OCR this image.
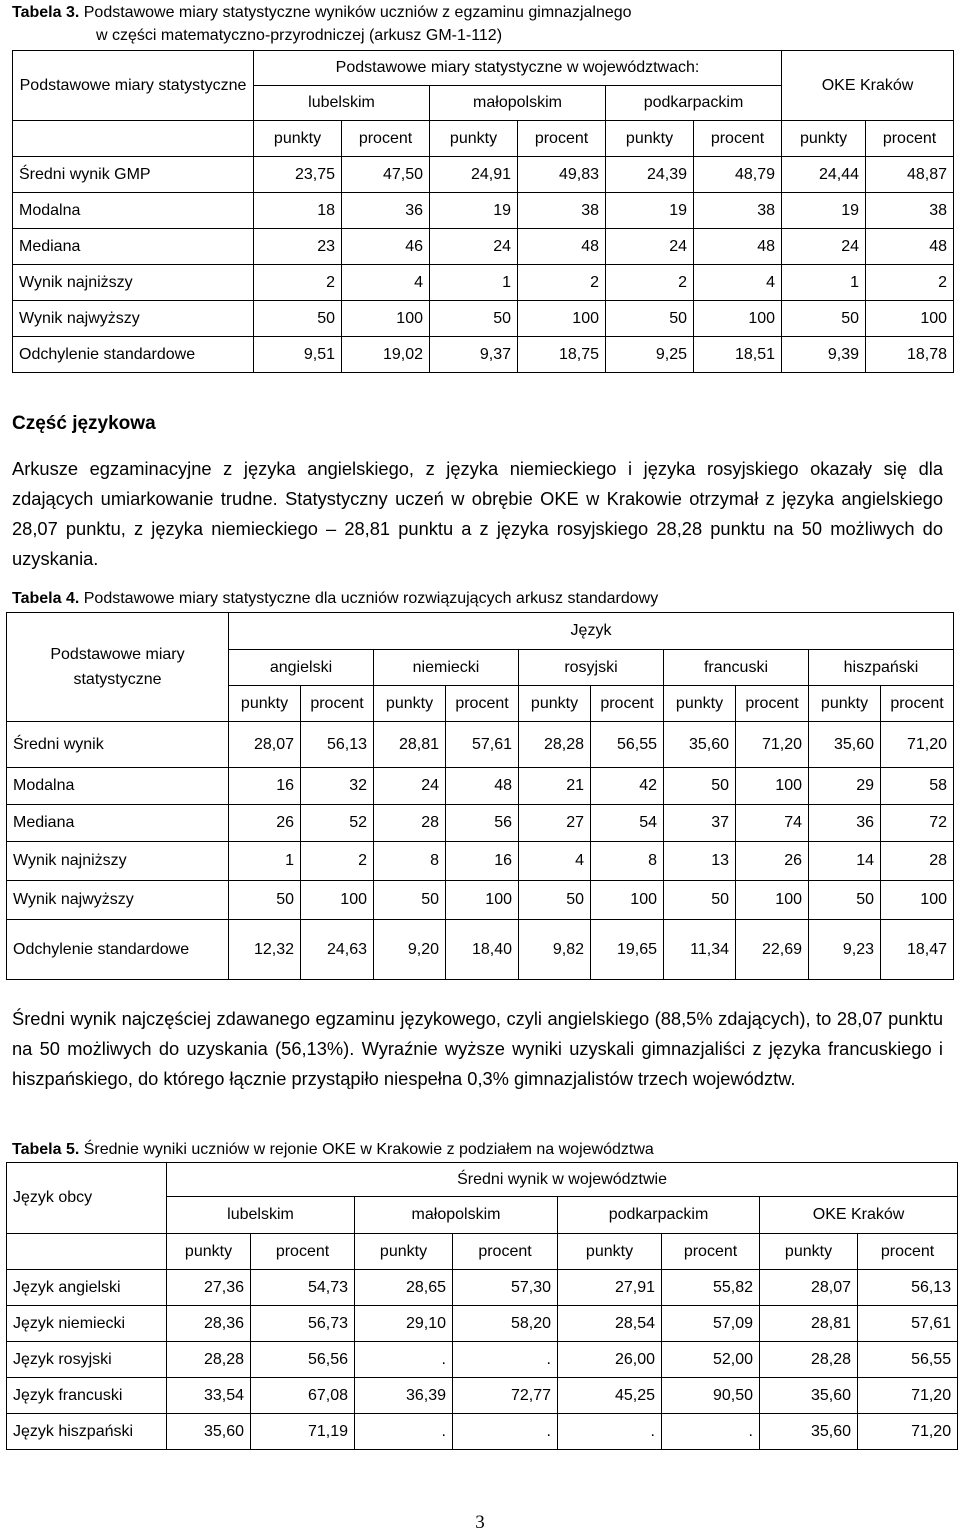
Tabela 3. Podstawowe miary statystyczne wyników uczniów z egzaminu gimnazjalnego
w części matematyczno-przyrodniczej (arkusz GM-1-112)
Podstawowe miary statystyczne	Podstawowe miary statystyczne w województwach:						OKE Kraków	
	lubelskim		małopolskim		podkarpackim			
	punkty	procent	punkty	procent	punkty	procent	punkty	procent
Średni wynik GMP	23,75	47,50	24,91	49,83	24,39	48,79	24,44	48,87
Modalna	18	36	19	38	19	38	19	38
Mediana	23	46	24	48	24	48	24	48
Wynik najniższy	2	4	1	2	2	4	1	2
Wynik najwyższy	50	100	50	100	50	100	50	100
Odchylenie standardowe	9,51	19,02	9,37	18,75	9,25	18,51	9,39	18,78
Część językowa
Arkusze egzaminacyjne z języka angielskiego, z języka niemieckiego i języka rosyjskiego okazały się dla zdających umiarkowanie trudne. Statystyczny uczeń w obrębie OKE w Krakowie otrzymał z języka angielskiego 28,07 punktu, z języka niemieckiego – 28,81 punktu a z języka rosyjskiego 28,28 punktu na 50 możliwych do uzyskania.
Tabela 4. Podstawowe miary statystyczne dla uczniów rozwiązujących arkusz standardowy
Podstawowe miary statystyczne	Język									
	angielski		niemiecki		rosyjski		francuski		hiszpański	
	punkty	procent	punkty	procent	punkty	procent	punkty	procent	punkty	procent
Średni wynik	28,07	56,13	28,81	57,61	28,28	56,55	35,60	71,20	35,60	71,20
Modalna	16	32	24	48	21	42	50	100	29	58
Mediana	26	52	28	56	27	54	37	74	36	72
Wynik najniższy	1	2	8	16	4	8	13	26	14	28
Wynik najwyższy	50	100	50	100	50	100	50	100	50	100
Odchylenie standardowe	12,32	24,63	9,20	18,40	9,82	19,65	11,34	22,69	9,23	18,47
Średni wynik najczęściej zdawanego egzaminu językowego, czyli angielskiego (88,5% zdających), to 28,07 punktu na 50 możliwych do uzyskania (56,13%). Wyraźnie wyższe wyniki uzyskali gimnazjaliści z języka francuskiego i hiszpańskiego, do którego łącznie przystąpiło niespełna 0,3% gimnazjalistów trzech województw.
Tabela 5. Średnie wyniki uczniów w rejonie OKE w Krakowie z podziałem na województwa
Język obcy	Średni wynik w województwie							
	lubelskim		małopolskim		podkarpackim		OKE Kraków	
	punkty	procent	punkty	procent	punkty	procent	punkty	procent
Język angielski	27,36	54,73	28,65	57,30	27,91	55,82	28,07	56,13
Język niemiecki	28,36	56,73	29,10	58,20	28,54	57,09	28,81	57,61
Język rosyjski	28,28	56,56	.	.	26,00	52,00	28,28	56,55
Język francuski	33,54	67,08	36,39	72,77	45,25	90,50	35,60	71,20
Język hiszpański	35,60	71,19	.	.	.	.	35,60	71,20
3
